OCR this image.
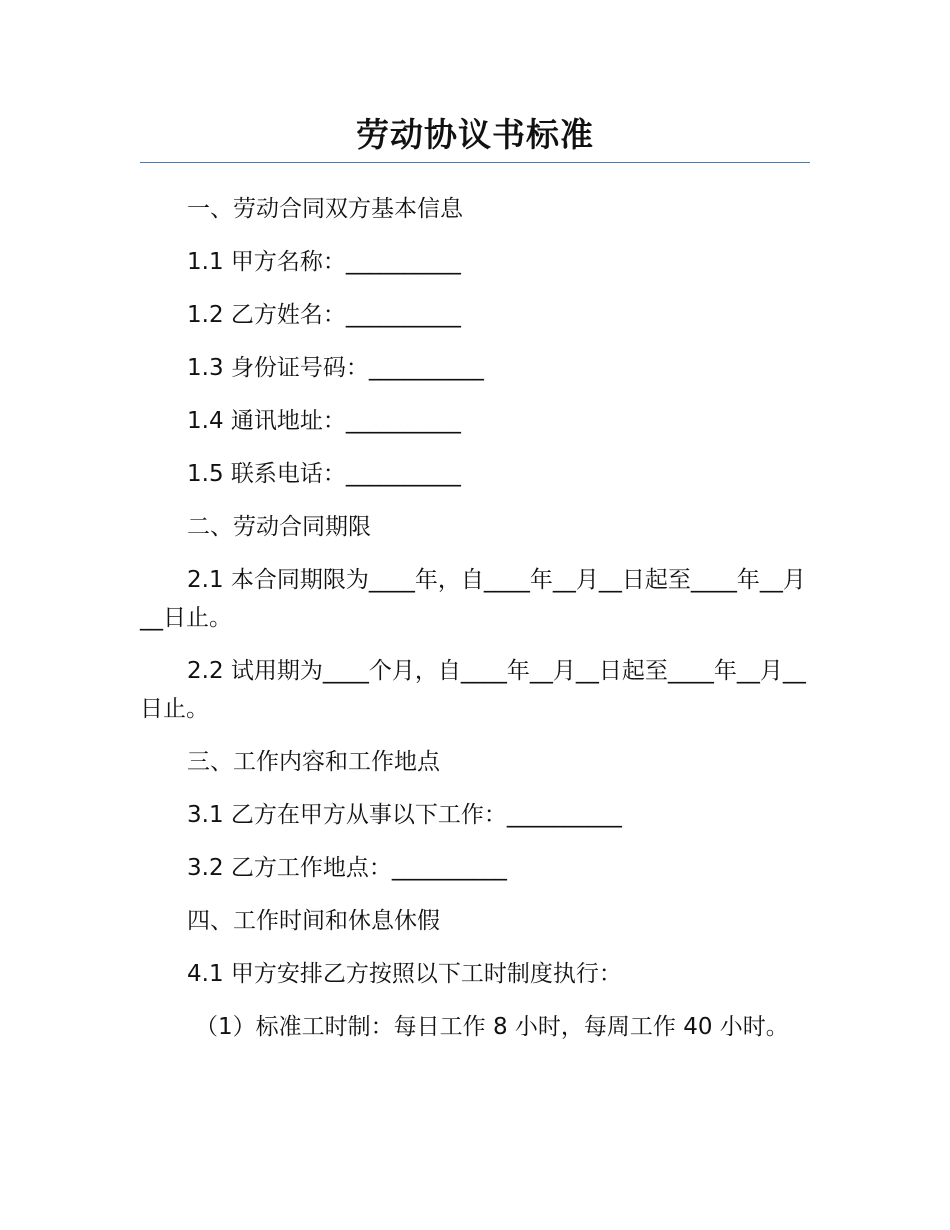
劳动协议书标准

一、劳动合同双方基本信息

1.1 甲方名称：__________

1.2 乙方姓名：__________

1.3 身份证号码：__________

1.4 通讯地址：__________

1.5 联系电话：__________

二、劳动合同期限

2.1 本合同期限为____年，自____年__月__日起至____年__月__日止。

2.2 试用期为____个月，自____年__月__日起至____年__月__日止。

三、工作内容和工作地点

3.1 乙方在甲方从事以下工作：__________

3.2 乙方工作地点：__________

四、工作时间和休息休假

4.1 甲方安排乙方按照以下工时制度执行：

（1）标准工时制：每日工作 8 小时，每周工作 40 小时。
